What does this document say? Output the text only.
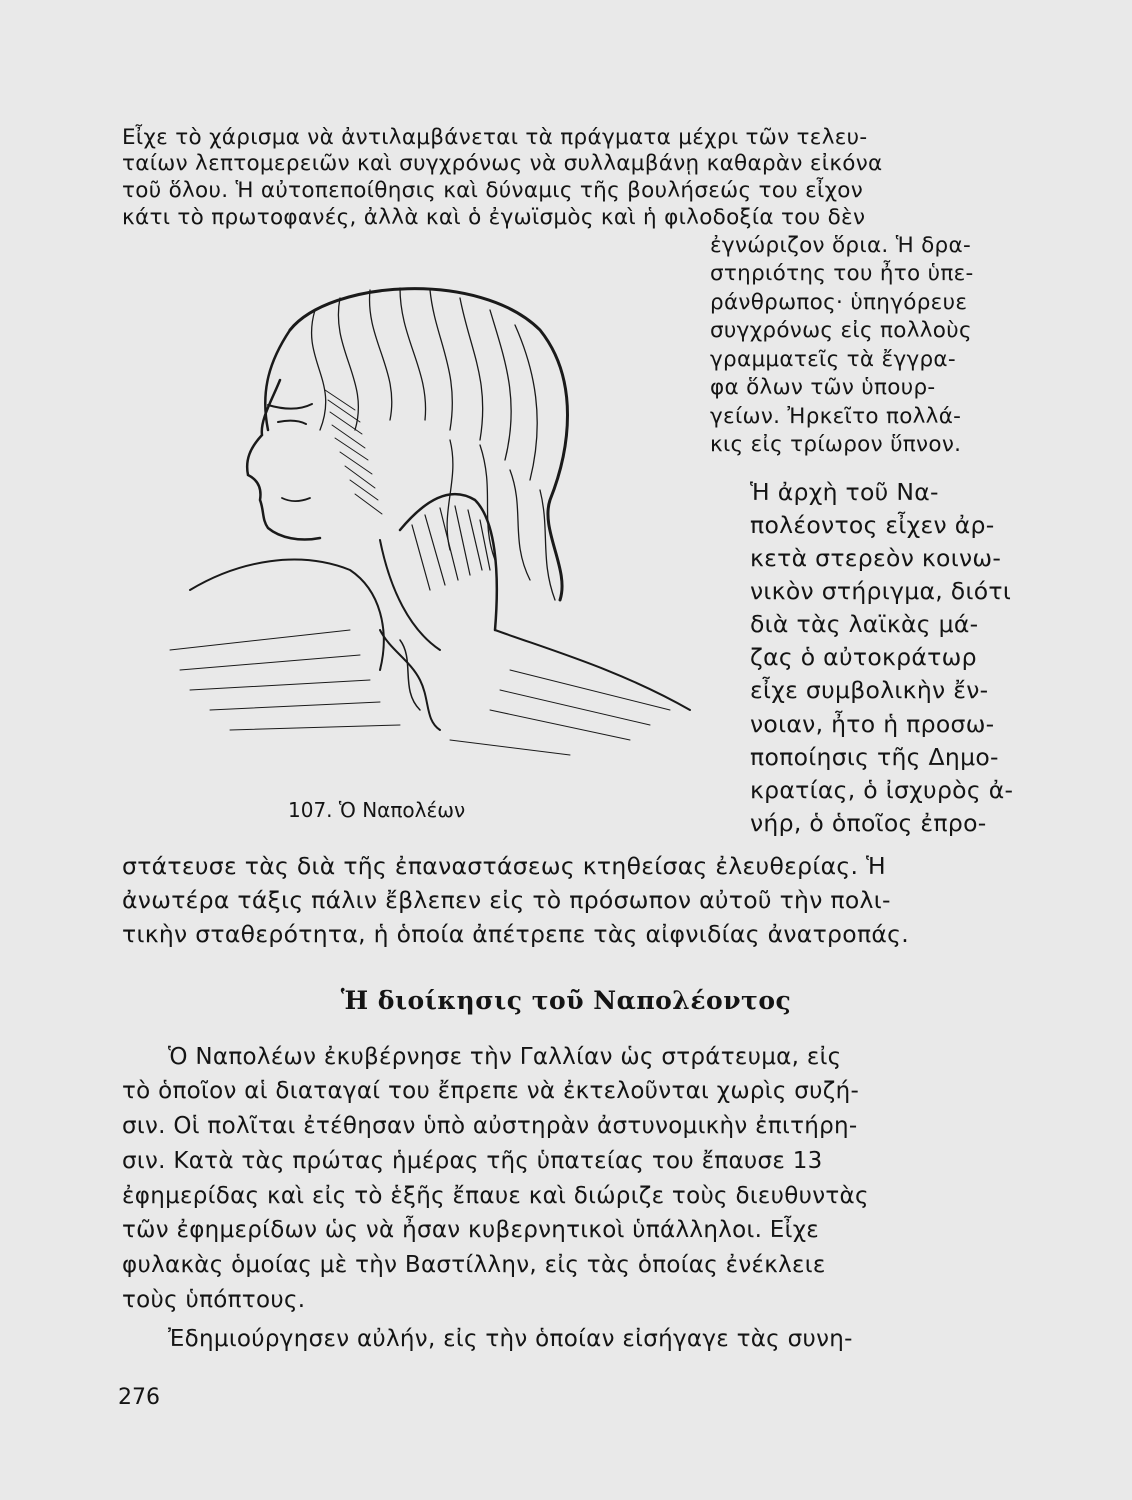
Εἶχε τὸ χάρισμα νὰ ἀντιλαμβάνεται τὰ πράγματα μέχρι τῶν τελευ-

ταίων λεπτομερειῶν καὶ συγχρόνως νὰ συλλαμβάνῃ καθαρὰν εἰκόνα

τοῦ ὅλου. Ἡ αὐτοπεποίθησις καὶ δύναμις τῆς βουλήσεώς του εἶχον

κάτι τὸ πρωτοφανές, ἀλλὰ καὶ ὁ ἐγωϊσμὸς καὶ ἡ φιλοδοξία του δὲν

ἐγνώριζον ὅρια. Ἡ δρα-

στηριότης του ἦτο ὑπε-

ράνθρωπος· ὑπηγόρευε

συγχρόνως εἰς πολλοὺς

γραμματεῖς τὰ ἔγγρα-

φα ὅλων τῶν ὑπουρ-

γείων. Ἠρκεῖτο πολλά-

κις εἰς τρίωρον ὕπνον.

Ἡ ἀρχὴ τοῦ Να-

πολέοντος εἶχεν ἀρ-

κετὰ στερεὸν κοινω-

νικὸν στήριγμα, διότι

διὰ τὰς λαϊκὰς μά-

ζας ὁ αὐτοκράτωρ

εἶχε συμβολικὴν ἔν-

νοιαν, ἦτο ἡ προσω-

ποποίησις τῆς Δημο-

κρατίας, ὁ ἰσχυρὸς ἀ-

νήρ, ὁ ὁποῖος ἐπρο-

107. Ὁ Ναπολέων

στάτευσε τὰς διὰ τῆς ἐπαναστάσεως κτηθείσας ἐλευθερίας. Ἡ

ἀνωτέρα τάξις πάλιν ἔβλεπεν εἰς τὸ πρόσωπον αὐτοῦ τὴν πολι-

τικὴν σταθερότητα, ἡ ὁποία ἀπέτρεπε τὰς αἰφνιδίας ἀνατροπάς.

Ἡ διοίκησις τοῦ Ναπολέοντος

Ὁ Ναπολέων ἐκυβέρνησε τὴν Γαλλίαν ὡς στράτευμα, εἰς

τὸ ὁποῖον αἱ διαταγαί του ἔπρεπε νὰ ἐκτελοῦνται χωρὶς συζή-

σιν. Οἱ πολῖται ἐτέθησαν ὑπὸ αὐστηρὰν ἀστυνομικὴν ἐπιτήρη-

σιν. Κατὰ τὰς πρώτας ἡμέρας τῆς ὑπατείας του ἔπαυσε 13

ἐφημερίδας καὶ εἰς τὸ ἑξῆς ἔπαυε καὶ διώριζε τοὺς διευθυντὰς

τῶν ἐφημερίδων ὡς νὰ ἦσαν κυβερνητικοὶ ὑπάλληλοι. Εἶχε

φυλακὰς ὁμοίας μὲ τὴν Βαστίλλην, εἰς τὰς ὁποίας ἐνέκλειε

τοὺς ὑπόπτους.

Ἐδημιούργησεν αὐλήν, εἰς τὴν ὁποίαν εἰσήγαγε τὰς συνη-

276
